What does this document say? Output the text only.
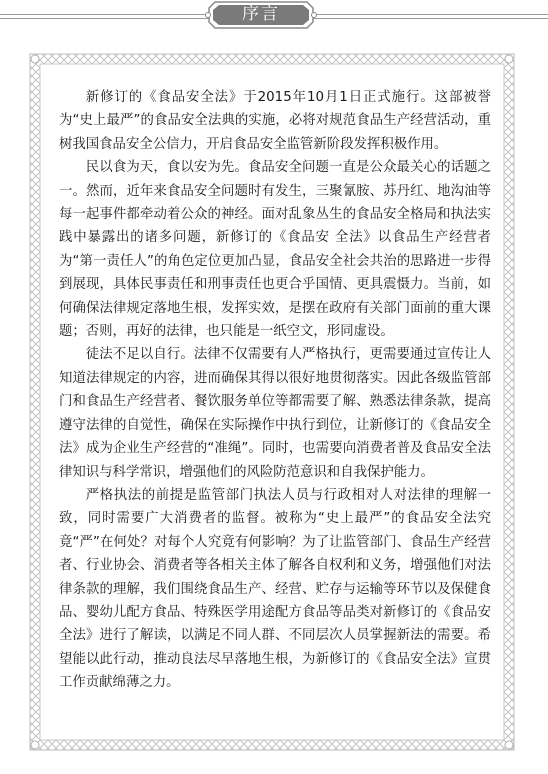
序言

新修订的《食品安全法》于2015年10月1日正式施行。这部被誉为“史上最严”的食品安全法典的实施，必将对规范食品生产经营活动，重树我国食品安全公信力，开启食品安全监管新阶段发挥积极作用。

民以食为天，食以安为先。食品安全问题一直是公众最关心的话题之一。然而，近年来食品安全问题时有发生，三聚氰胺、苏丹红、地沟油等每一起事件都牵动着公众的神经。面对乱象丛生的食品安全格局和执法实践中暴露出的诸多问题，新修订的《食品安 全法》以食品生产经营者为“第一责任人”的角色定位更加凸显，食品安全社会共治的思路进一步得到展现，具体民事责任和刑事责任也更合乎国情、更具震慑力。当前，如何确保法律规定落地生根，发挥实效，是摆在政府有关部门面前的重大课题；否则，再好的法律，也只能是一纸空文，形同虚设。

徒法不足以自行。法律不仅需要有人严格执行，更需要通过宣传让人知道法律规定的内容，进而确保其得以很好地贯彻落实。因此各级监管部门和食品生产经营者、餐饮服务单位等都需要了解、熟悉法律条款，提高遵守法律的自觉性，确保在实际操作中执行到位，让新修订的《食品安全法》成为企业生产经营的“准绳”。同时，也需要向消费者普及食品安全法律知识与科学常识，增强他们的风险防范意识和自我保护能力。

严格执法的前提是监管部门执法人员与行政相对人对法律的理解一致，同时需要广大消费者的监督。被称为“史上最严”的食品安全法究竟“严”在何处？对每个人究竟有何影响？为了让监管部门、食品生产经营者、行业协会、消费者等各相关主体了解各自权利和义务，增强他们对法律条款的理解，我们围绕食品生产、经营、贮存与运输等环节以及保健食品、婴幼儿配方食品、特殊医学用途配方食品等品类对新修订的《食品安全法》进行了解读，以满足不同人群、不同层次人员掌握新法的需要。希望能以此行动，推动良法尽早落地生根，为新修订的《食品安全法》宣贯工作贡献绵薄之力。
